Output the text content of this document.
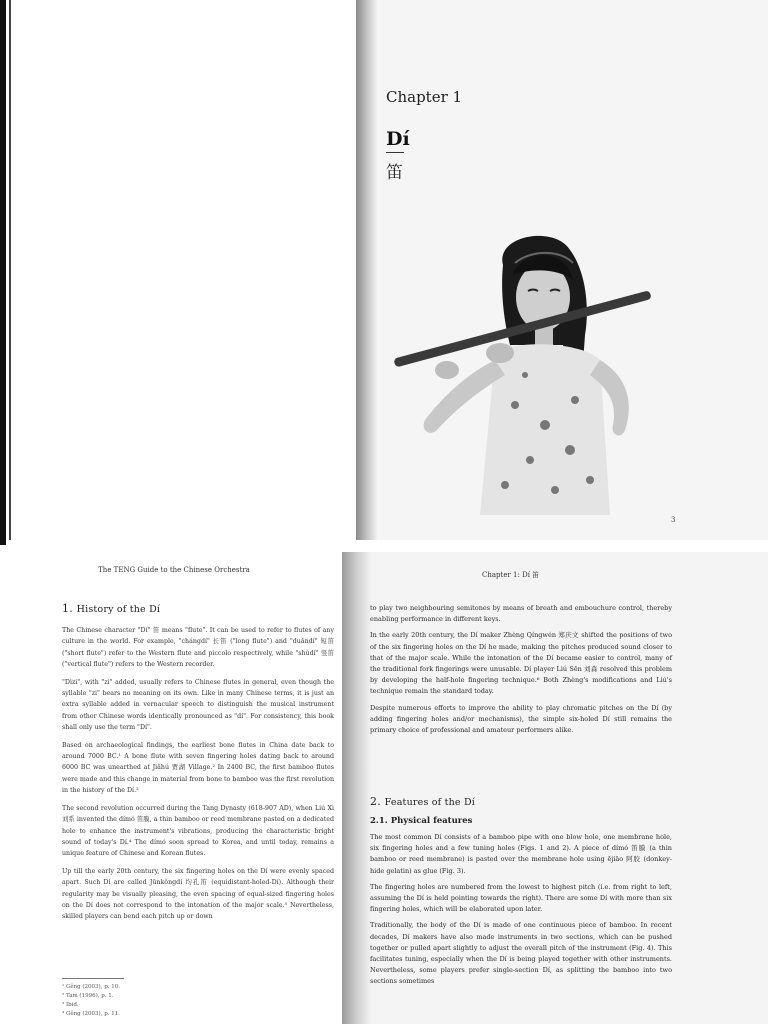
Chapter 1
Dí
笛
3
The TENG Guide to the Chinese Orchestra
1. History of the Dí

The Chinese character "Dí" 笛 means "flute". It can be used to refer to flutes of any culture in the world. For example, "chángdí" 长笛 ("long flute") and "duǎndí" 短笛 ("short flute") refer to the Western flute and piccolo respectively, while "shùdí" 竖笛 ("vertical flute") refers to the Western recorder.

"Dìzi", with "zi" added, usually refers to Chinese flutes in general, even though the syllable "zi" bears no meaning on its own. Like in many Chinese terms, it is just an extra syllable added in vernacular speech to distinguish the musical instrument from other Chinese words identically pronounced as "dí". For consistency, this book shall only use the term "Dí".

Based on archaeological findings, the earliest bone flutes in China date back to around 7000 BC.¹ A bone flute with seven fingering holes dating back to around 6000 BC was unearthed at Jiǎhú 贾湖 Village.² In 2400 BC, the first bamboo flutes were made and this change in material from bone to bamboo was the first revolution in the history of the Dí.³

The second revolution occurred during the Tang Dynasty (618-907 AD), when Liú Xì 刘系 invented the dímó 笛膜, a thin bamboo or reed membrane pasted on a dedicated hole to enhance the instrument's vibrations, producing the characteristic bright sound of today's Dí.⁴ The dímó soon spread to Korea, and until today, remains a unique feature of Chinese and Korean flutes.

Up till the early 20th century, the six fingering holes on the Dí were evenly spaced apart. Such Dí are called Jūnkǒngdí 均孔笛 (equidistant-holed-Dí). Although their regularity may be visually pleasing, the even spacing of equal-sized fingering holes on the Dí does not correspond to the intonation of the major scale.⁵ Nevertheless, skilled players can bend each pitch up or down

¹ Gěng (2003), p. 10.
² Tam (1996), p. 1.
³ Ibid.
⁴ Gěng (2003), p. 11.
Chapter 1: Dí 笛

to play two neighbouring semitones by means of breath and embouchure control, thereby enabling performance in different keys.

In the early 20th century, the Dí maker Zhèng Qíngwén 郑庆文 shifted the positions of two of the six fingering holes on the Dí he made, making the pitches produced sound closer to that of the major scale. While the intonation of the Dí became easier to control, many of the traditional fork fingerings were unusable. Dí player Liú Sēn 刘森 resolved this problem by developing the half-hole fingering technique.⁶ Both Zhèng's modifications and Liú's technique remain the standard today.

Despite numerous efforts to improve the ability to play chromatic pitches on the Dí (by adding fingering holes and/or mechanisms), the simple six-holed Dí still remains the primary choice of professional and amateur performers alike.

2. Features of the Dí
2.1. Physical features

The most common Dí consists of a bamboo pipe with one blow hole, one membrane hole, six fingering holes and a few tuning holes (Figs. 1 and 2). A piece of dímó 笛膜 (a thin bamboo or reed membrane) is pasted over the membrane hole using ējiāo 阿胶 (donkey-hide gelatin) as glue (Fig. 3).

The fingering holes are numbered from the lowest to highest pitch (i.e. from right to left, assuming the Dí is held pointing towards the right). There are some Dí with more than six fingering holes, which will be elaborated upon later.

Traditionally, the body of the Dí is made of one continuous piece of bamboo. In recent decades, Dí makers have also made instruments in two sections, which can be pushed together or pulled apart slightly to adjust the overall pitch of the instrument (Fig. 4). This facilitates tuning, especially when the Dí is being played together with other instruments. Nevertheless, some players prefer single-section Dí, as splitting the bamboo into two sections sometimes
